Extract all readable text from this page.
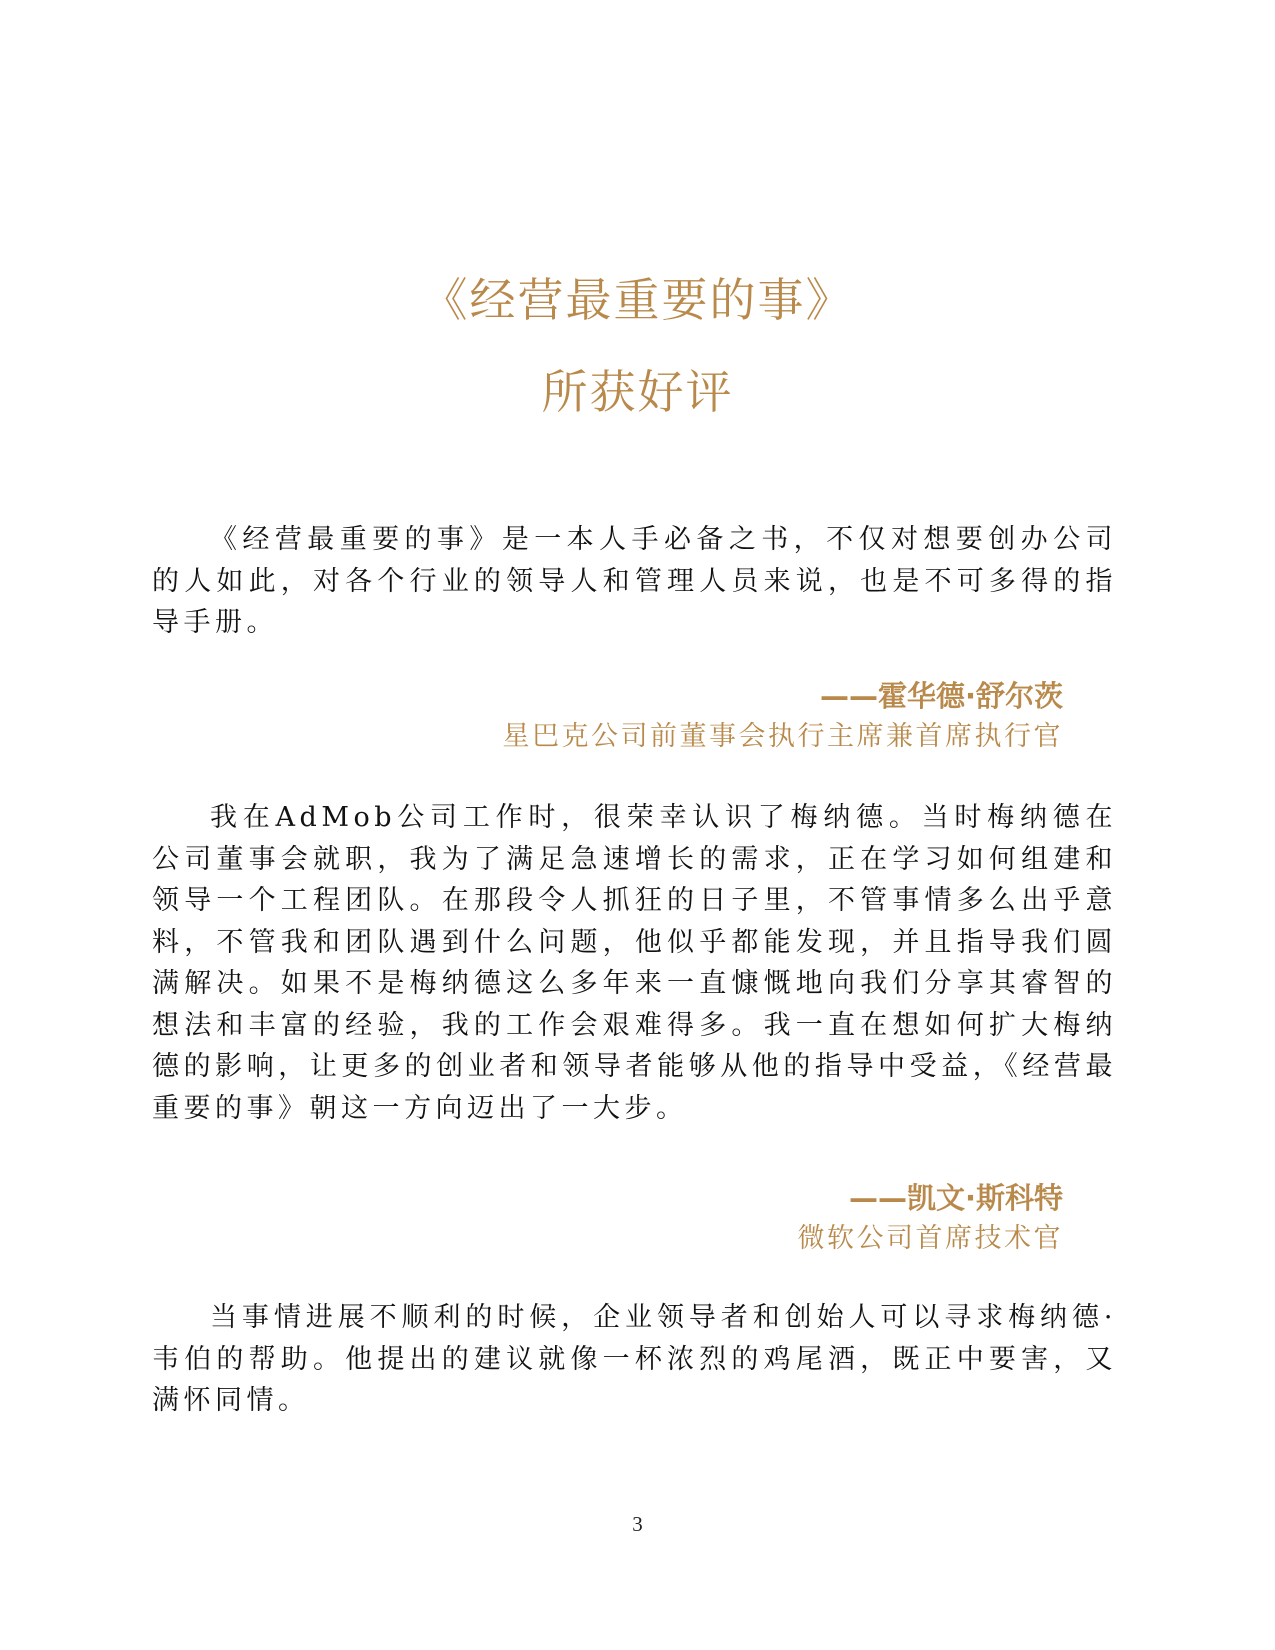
《经营最重要的事》
所获好评

《经营最重要的事》是一本人手必备之书，不仅对想要创办公司的人如此，对各个行业的领导人和管理人员来说，也是不可多得的指导手册。

——霍华德·舒尔茨
星巴克公司前董事会执行主席兼首席执行官

我在AdMob公司工作时，很荣幸认识了梅纳德。当时梅纳德在公司董事会就职，我为了满足急速增长的需求，正在学习如何组建和领导一个工程团队。在那段令人抓狂的日子里，不管事情多么出乎意料，不管我和团队遇到什么问题，他似乎都能发现，并且指导我们圆满解决。如果不是梅纳德这么多年来一直慷慨地向我们分享其睿智的想法和丰富的经验，我的工作会艰难得多。我一直在想如何扩大梅纳德的影响，让更多的创业者和领导者能够从他的指导中受益，《经营最重要的事》朝这一方向迈出了一大步。

——凯文·斯科特
微软公司首席技术官

当事情进展不顺利的时候，企业领导者和创始人可以寻求梅纳德·韦伯的帮助。他提出的建议就像一杯浓烈的鸡尾酒，既正中要害，又满怀同情。

3
